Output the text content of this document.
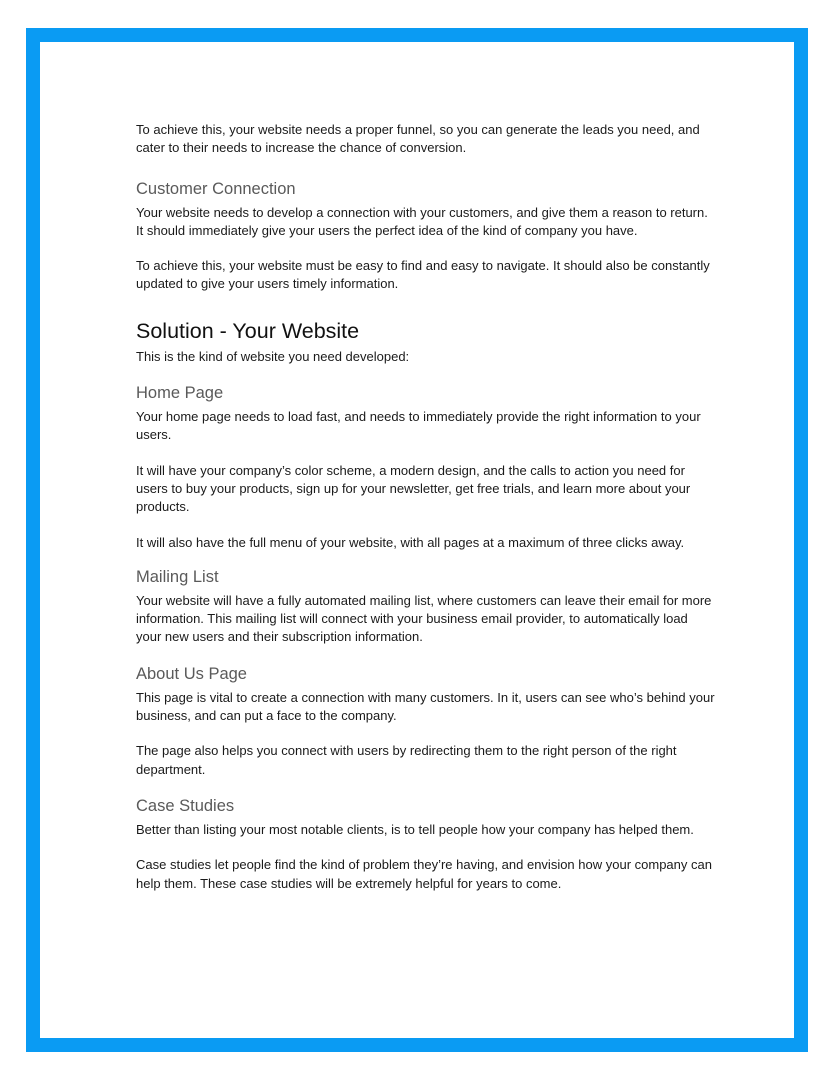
To achieve this, your website needs a proper funnel, so you can generate the leads you need, and cater to their needs to increase the chance of conversion.

Customer Connection

Your website needs to develop a connection with your customers, and give them a reason to return. It should immediately give your users the perfect idea of the kind of company you have.

To achieve this, your website must be easy to find and easy to navigate. It should also be constantly updated to give your users timely information.

Solution - Your Website

This is the kind of website you need developed:

Home Page

Your home page needs to load fast, and needs to immediately provide the right information to your users.

It will have your company’s color scheme, a modern design, and the calls to action you need for users to buy your products, sign up for your newsletter, get free trials, and learn more about your products.

It will also have the full menu of your website, with all pages at a maximum of three clicks away.

Mailing List

Your website will have a fully automated mailing list, where customers can leave their email for more information. This mailing list will connect with your business email provider, to automatically load your new users and their subscription information.

About Us Page

This page is vital to create a connection with many customers. In it, users can see who’s behind your business, and can put a face to the company.

The page also helps you connect with users by redirecting them to the right person of the right department.

Case Studies

Better than listing your most notable clients, is to tell people how your company has helped them.

Case studies let people find the kind of problem they’re having, and envision how your company can help them. These case studies will be extremely helpful for years to come.
